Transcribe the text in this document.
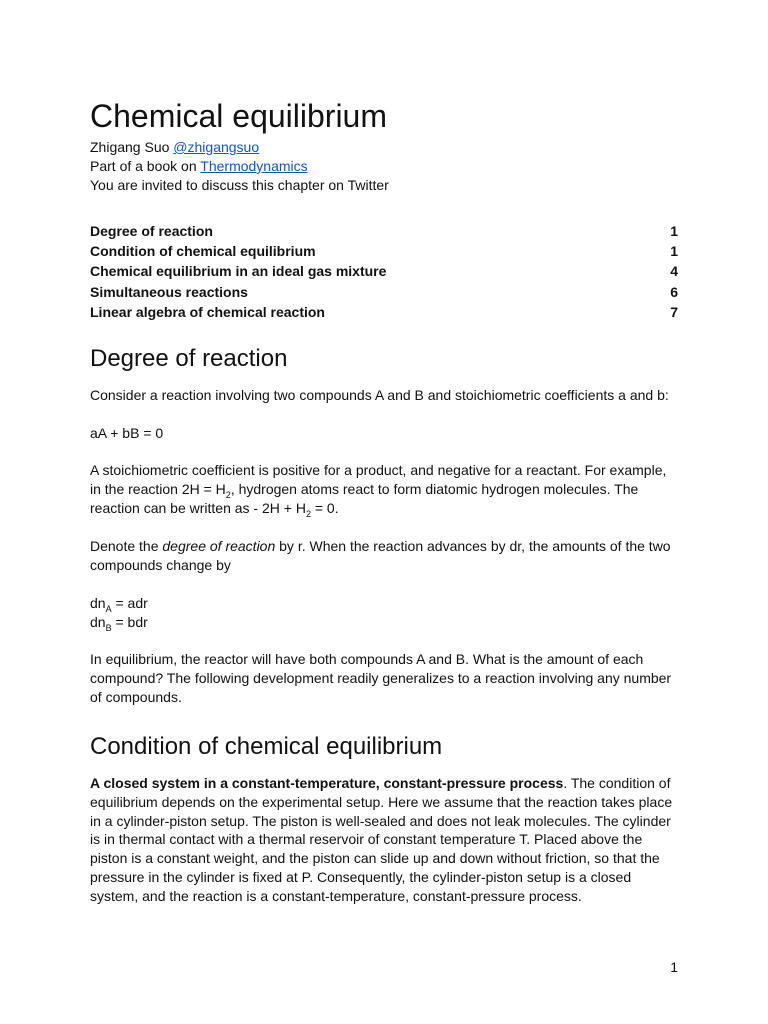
Chemical equilibrium
Zhigang Suo @zhigangsuo
Part of a book on Thermodynamics
You are invited to discuss this chapter on Twitter
Degree of reaction	1
Condition of chemical equilibrium	1
Chemical equilibrium in an ideal gas mixture	4
Simultaneous reactions	6
Linear algebra of chemical reaction	7
Degree of reaction

Consider a reaction involving two compounds A and B and stoichiometric coefficients a and b:

aA + bB = 0

A stoichiometric coefficient is positive for a product, and negative for a reactant. For example, in the reaction $2H = H_2$, hydrogen atoms react to form diatomic hydrogen molecules. The reaction can be written as - $2H + H_2 = 0$.

Denote the degree of reaction by r. When the reaction advances by dr, the amounts of the two compounds change by

$dn_A$ = adr

$dn_B$ = bdr

In equilibrium, the reactor will have both compounds A and B. What is the amount of each compound? The following development readily generalizes to a reaction involving any number of compounds.

Condition of chemical equilibrium

A closed system in a constant-temperature, constant-pressure process. The condition of equilibrium depends on the experimental setup. Here we assume that the reaction takes place in a cylinder-piston setup. The piston is well-sealed and does not leak molecules. The cylinder is in thermal contact with a thermal reservoir of constant temperature T. Placed above the piston is a constant weight, and the piston can slide up and down without friction, so that the pressure in the cylinder is fixed at P. Consequently, the cylinder-piston setup is a closed system, and the reaction is a constant-temperature, constant-pressure process.

1
